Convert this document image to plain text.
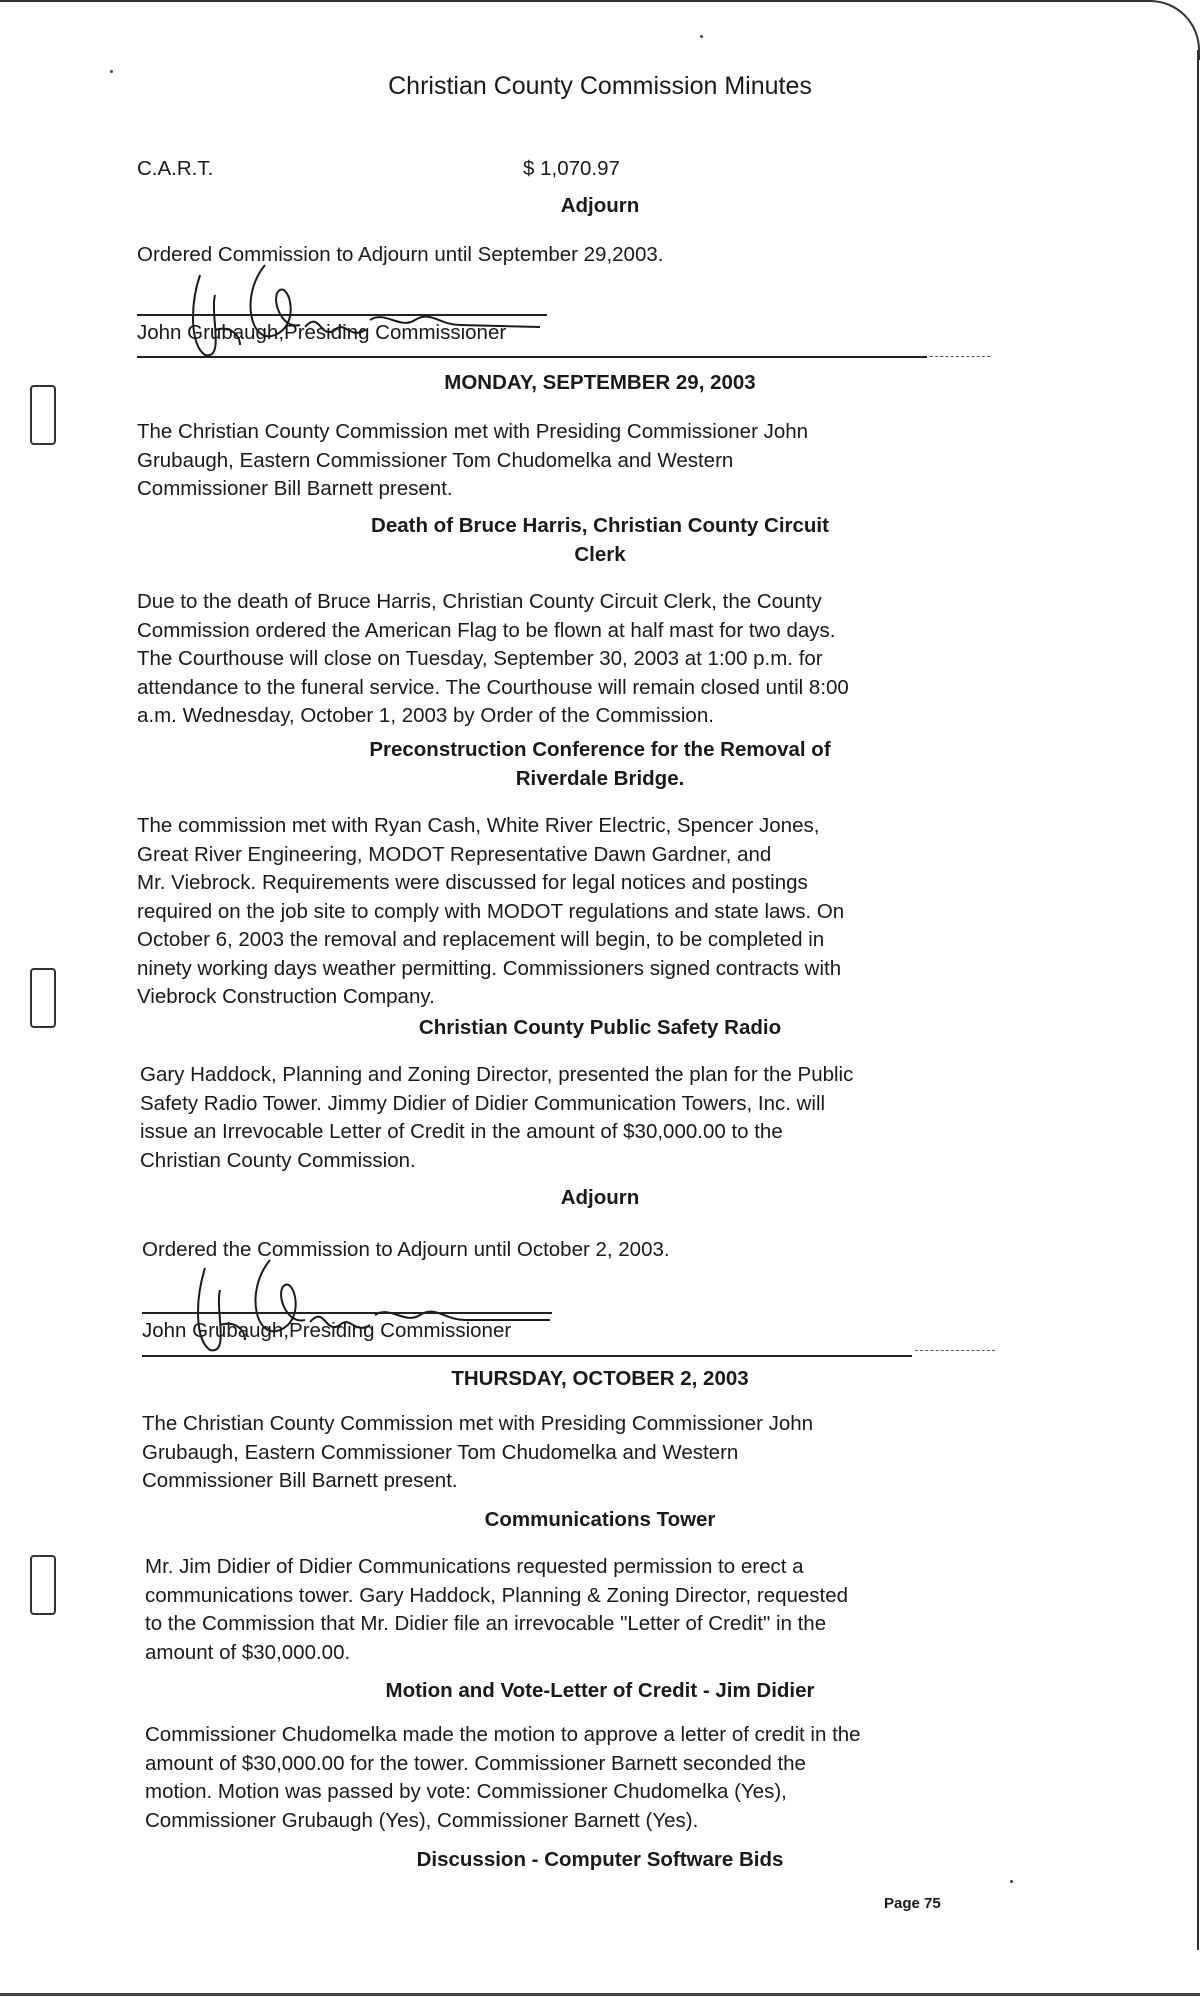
Christian County Commission Minutes
C.A.R.T.	$ 1,070.97
Adjourn
Ordered Commission to Adjourn until September 29,2003.
John Grubaugh,Presiding Commissioner
MONDAY, SEPTEMBER 29, 2003
The Christian County Commission met with Presiding Commissioner John
Grubaugh, Eastern Commissioner Tom Chudomelka and Western
Commissioner Bill Barnett present.
Death of Bruce Harris, Christian County Circuit
Clerk
Due to the death of Bruce Harris, Christian County Circuit Clerk, the County
Commission ordered the American Flag to be flown at half mast for two days.
The Courthouse will close on Tuesday, September 30, 2003 at 1:00 p.m. for
attendance to the funeral service. The Courthouse will remain closed until 8:00
a.m. Wednesday, October 1, 2003 by Order of the Commission.
Preconstruction Conference for the Removal of
Riverdale Bridge.
The commission met with Ryan Cash, White River Electric, Spencer Jones,
Great River Engineering, MODOT Representative Dawn Gardner, and
Mr. Viebrock. Requirements were discussed for legal notices and postings
required on the job site to comply with MODOT regulations and state laws. On
October 6, 2003 the removal and replacement will begin, to be completed in
ninety working days weather permitting. Commissioners signed contracts with
Viebrock Construction Company.
Christian County Public Safety Radio
Gary Haddock, Planning and Zoning Director, presented the plan for the Public
Safety Radio Tower. Jimmy Didier of Didier Communication Towers, Inc. will
issue an Irrevocable Letter of Credit in the amount of $30,000.00 to the
Christian County Commission.
Adjourn
Ordered the Commission to Adjourn until October 2, 2003.
John Grubaugh,Presiding Commissioner
THURSDAY, OCTOBER 2, 2003
The Christian County Commission met with Presiding Commissioner John
Grubaugh, Eastern Commissioner Tom Chudomelka and Western
Commissioner Bill Barnett present.
Communications Tower
Mr. Jim Didier of Didier Communications requested permission to erect a
communications tower. Gary Haddock, Planning & Zoning Director, requested
to the Commission that Mr. Didier file an irrevocable "Letter of Credit" in the
amount of $30,000.00.
Motion and Vote-Letter of Credit - Jim Didier
Commissioner Chudomelka made the motion to approve a letter of credit in the
amount of $30,000.00 for the tower. Commissioner Barnett seconded the
motion. Motion was passed by vote: Commissioner Chudomelka (Yes),
Commissioner Grubaugh (Yes), Commissioner Barnett (Yes).
Discussion - Computer Software Bids
Page 75
